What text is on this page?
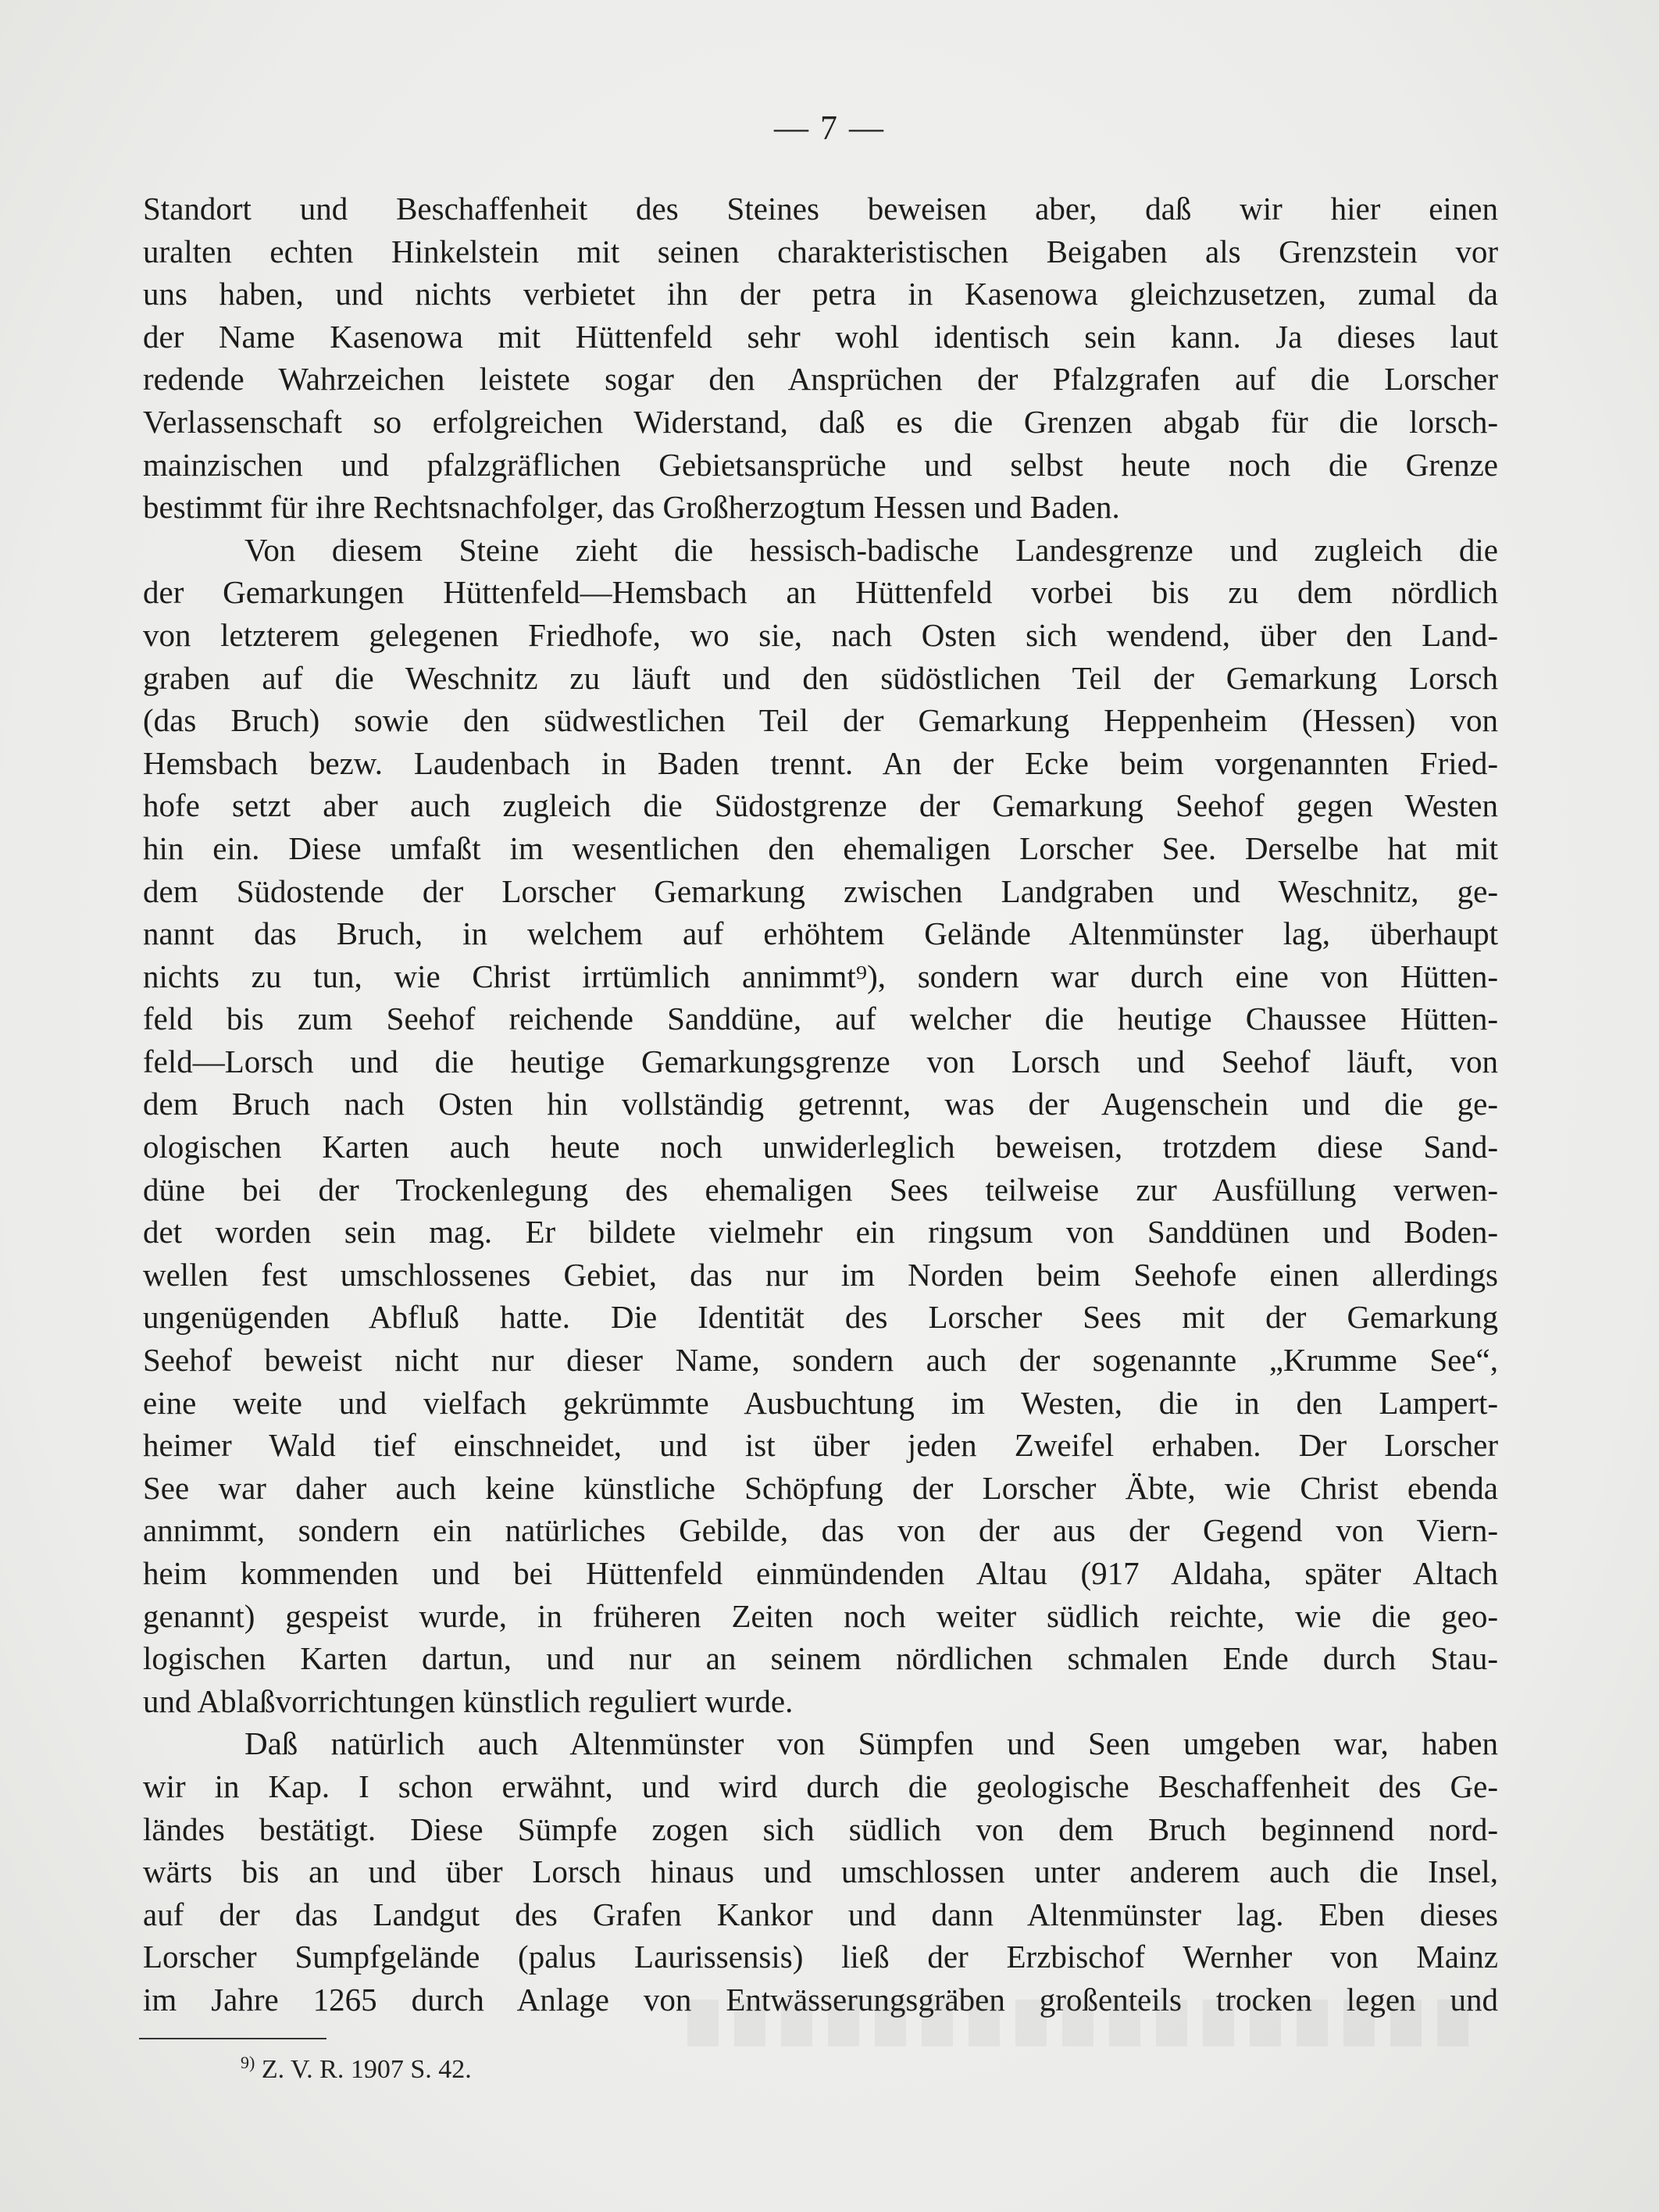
— 7 —
Standort und Beschaffenheit des Steines beweisen aber, daß wir hier einen
uralten echten Hinkelstein mit seinen charakteristischen Beigaben als Grenzstein vor
uns haben, und nichts verbietet ihn der petra in Kasenowa gleichzusetzen, zumal da
der Name Kasenowa mit Hüttenfeld sehr wohl identisch sein kann. Ja dieses laut
redende Wahrzeichen leistete sogar den Ansprüchen der Pfalzgrafen auf die Lorscher
Verlassenschaft so erfolgreichen Widerstand, daß es die Grenzen abgab für die lorsch-
mainzischen und pfalzgräflichen Gebietsansprüche und selbst heute noch die Grenze
bestimmt für ihre Rechtsnachfolger, das Großherzogtum Hessen und Baden.
Von diesem Steine zieht die hessisch-badische Landesgrenze und zugleich die
der Gemarkungen Hüttenfeld—Hemsbach an Hüttenfeld vorbei bis zu dem nördlich
von letzterem gelegenen Friedhofe, wo sie, nach Osten sich wendend, über den Land-
graben auf die Weschnitz zu läuft und den südöstlichen Teil der Gemarkung Lorsch
(das Bruch) sowie den südwestlichen Teil der Gemarkung Heppenheim (Hessen) von
Hemsbach bezw. Laudenbach in Baden trennt. An der Ecke beim vorgenannten Fried-
hofe setzt aber auch zugleich die Südostgrenze der Gemarkung Seehof gegen Westen
hin ein. Diese umfaßt im wesentlichen den ehemaligen Lorscher See. Derselbe hat mit
dem Südostende der Lorscher Gemarkung zwischen Landgraben und Weschnitz, ge-
nannt das Bruch, in welchem auf erhöhtem Gelände Altenmünster lag, überhaupt
nichts zu tun, wie Christ irrtümlich annimmt⁹), sondern war durch eine von Hütten-
feld bis zum Seehof reichende Sanddüne, auf welcher die heutige Chaussee Hütten-
feld—Lorsch und die heutige Gemarkungsgrenze von Lorsch und Seehof läuft, von
dem Bruch nach Osten hin vollständig getrennt, was der Augenschein und die ge-
ologischen Karten auch heute noch unwiderleglich beweisen, trotzdem diese Sand-
düne bei der Trockenlegung des ehemaligen Sees teilweise zur Ausfüllung verwen-
det worden sein mag. Er bildete vielmehr ein ringsum von Sanddünen und Boden-
wellen fest umschlossenes Gebiet, das nur im Norden beim Seehofe einen allerdings
ungenügenden Abfluß hatte. Die Identität des Lorscher Sees mit der Gemarkung
Seehof beweist nicht nur dieser Name, sondern auch der sogenannte „Krumme See“,
eine weite und vielfach gekrümmte Ausbuchtung im Westen, die in den Lampert-
heimer Wald tief einschneidet, und ist über jeden Zweifel erhaben. Der Lorscher
See war daher auch keine künstliche Schöpfung der Lorscher Äbte, wie Christ ebenda
annimmt, sondern ein natürliches Gebilde, das von der aus der Gegend von Viern-
heim kommenden und bei Hüttenfeld einmündenden Altau (917 Aldaha, später Altach
genannt) gespeist wurde, in früheren Zeiten noch weiter südlich reichte, wie die geo-
logischen Karten dartun, und nur an seinem nördlichen schmalen Ende durch Stau-
und Ablaßvorrichtungen künstlich reguliert wurde.
Daß natürlich auch Altenmünster von Sümpfen und Seen umgeben war, haben
wir in Kap. I schon erwähnt, und wird durch die geologische Beschaffenheit des Ge-
ländes bestätigt. Diese Sümpfe zogen sich südlich von dem Bruch beginnend nord-
wärts bis an und über Lorsch hinaus und umschlossen unter anderem auch die Insel,
auf der das Landgut des Grafen Kankor und dann Altenmünster lag. Eben dieses
Lorscher Sumpfgelände (palus Laurissensis) ließ der Erzbischof Wernher von Mainz
im Jahre 1265 durch Anlage von Entwässerungsgräben großenteils trocken legen und
$^{9)}$ Z. V. R. 1907 S. 42.
